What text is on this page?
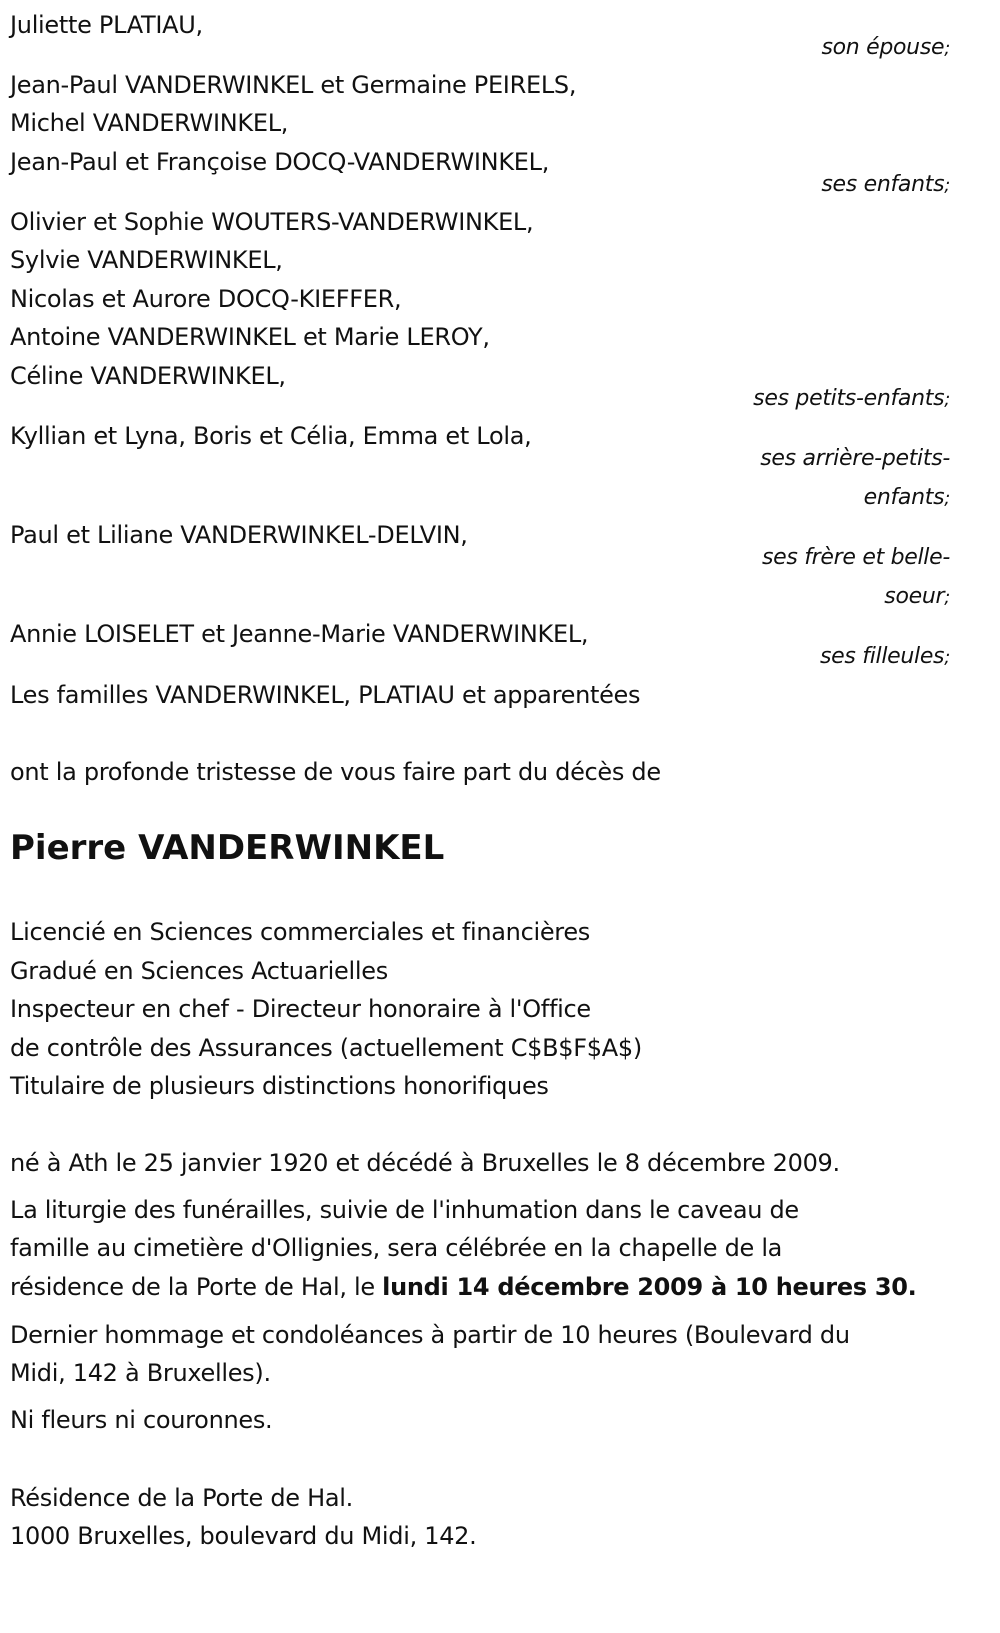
Juliette PLATIAU,
son épouse;
Jean-Paul VANDERWINKEL et Germaine PEIRELS,
Michel VANDERWINKEL,
Jean-Paul et Françoise DOCQ-VANDERWINKEL,
ses enfants;
Olivier et Sophie WOUTERS-VANDERWINKEL,
Sylvie VANDERWINKEL,
Nicolas et Aurore DOCQ-KIEFFER,
Antoine VANDERWINKEL et Marie LEROY,
Céline VANDERWINKEL,
ses petits-enfants;
Kyllian et Lyna, Boris et Célia, Emma et Lola,
ses arrière-petits-
enfants;
Paul et Liliane VANDERWINKEL-DELVIN,
ses frère et belle-
soeur;
Annie LOISELET et Jeanne-Marie VANDERWINKEL,
ses filleules;
Les familles VANDERWINKEL, PLATIAU et apparentées
ont la profonde tristesse de vous faire part du décès de
Pierre VANDERWINKEL
Licencié en Sciences commerciales et financières
Gradué en Sciences Actuarielles
Inspecteur en chef - Directeur honoraire à l'Office
de contrôle des Assurances (actuellement C$B$F$A$)
Titulaire de plusieurs distinctions honorifiques
né à Ath le 25 janvier 1920 et décédé à Bruxelles le 8 décembre 2009.
La liturgie des funérailles, suivie de l'inhumation dans le caveau de
famille au cimetière d'Ollignies, sera célébrée en la chapelle de la
résidence de la Porte de Hal, le lundi 14 décembre 2009 à 10 heures 30.
Dernier hommage et condoléances à partir de 10 heures (Boulevard du
Midi, 142 à Bruxelles).
Ni fleurs ni couronnes.
Résidence de la Porte de Hal.
1000 Bruxelles, boulevard du Midi, 142.
